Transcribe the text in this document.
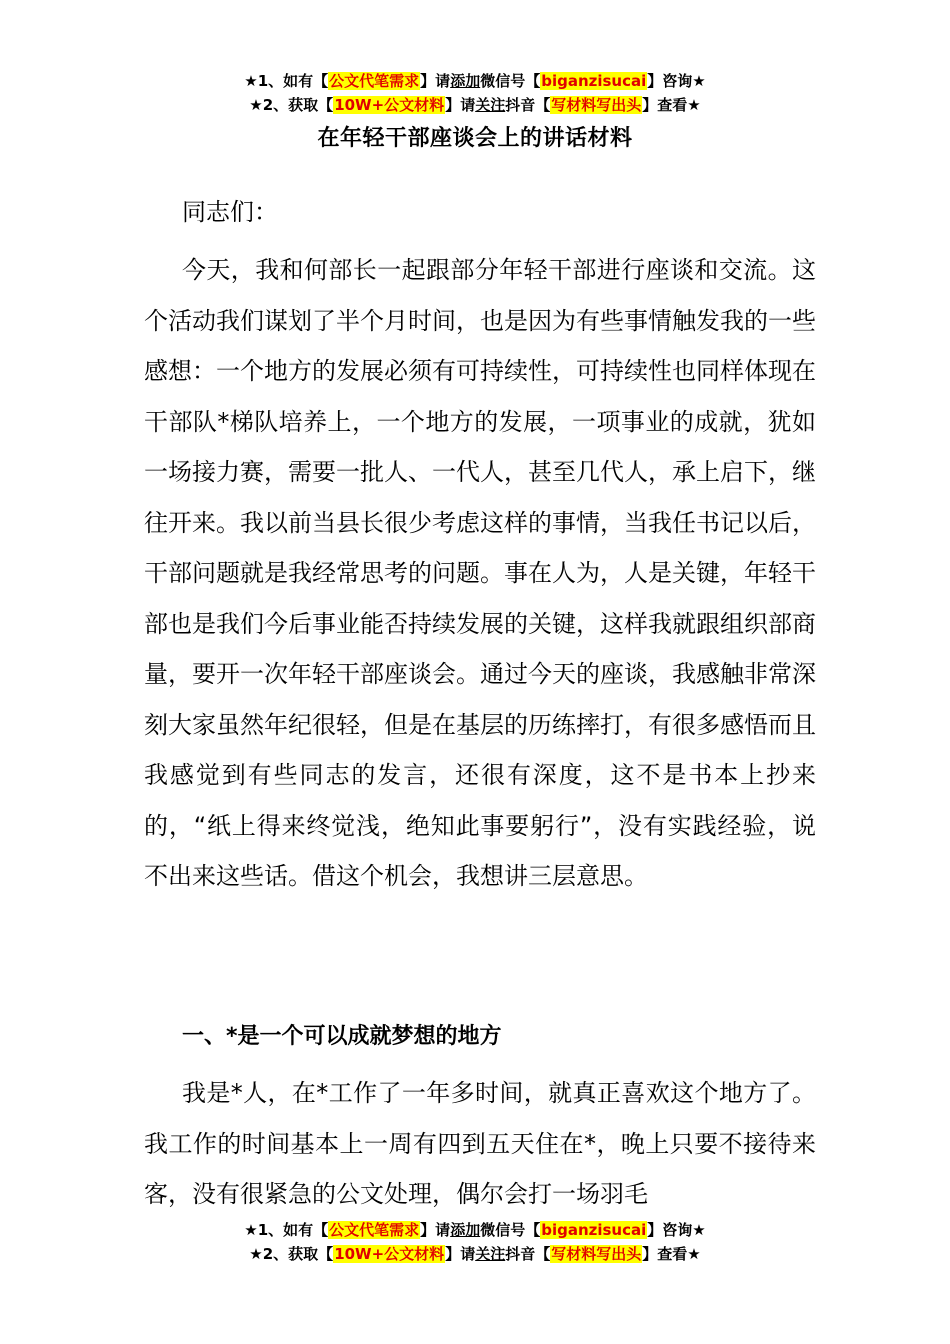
★1、如有【公文代笔需求】请添加微信号【biganzisucai】咨询★
★2、获取【10W+公文材料】请关注抖音【写材料写出头】查看★
在年轻干部座谈会上的讲话材料

同志们：

今天，我和何部长一起跟部分年轻干部进行座谈和交流。这个活动我们谋划了半个月时间，也是因为有些事情触发我的一些感想：一个地方的发展必须有可持续性，可持续性也同样体现在干部队*梯队培养上，一个地方的发展，一项事业的成就，犹如一场接力赛，需要一批人、一代人，甚至几代人，承上启下，继往开来。我以前当县长很少考虑这样的事情，当我任书记以后，干部问题就是我经常思考的问题。事在人为，人是关键，年轻干部也是我们今后事业能否持续发展的关键，这样我就跟组织部商量，要开一次年轻干部座谈会。通过今天的座谈，我感触非常深刻大家虽然年纪很轻，但是在基层的历练摔打，有很多感悟而且我感觉到有些同志的发言，还很有深度，这不是书本上抄来的，“纸上得来终觉浅，绝知此事要躬行”，没有实践经验，说不出来这些话。借这个机会，我想讲三层意思。

一、*是一个可以成就梦想的地方

我是*人，在*工作了一年多时间，就真正喜欢这个地方了。我工作的时间基本上一周有四到五天住在*，晚上只要不接待来客，没有很紧急的公文处理，偶尔会打一场羽毛

★1、如有【公文代笔需求】请添加微信号【biganzisucai】咨询★
★2、获取【10W+公文材料】请关注抖音【写材料写出头】查看★
